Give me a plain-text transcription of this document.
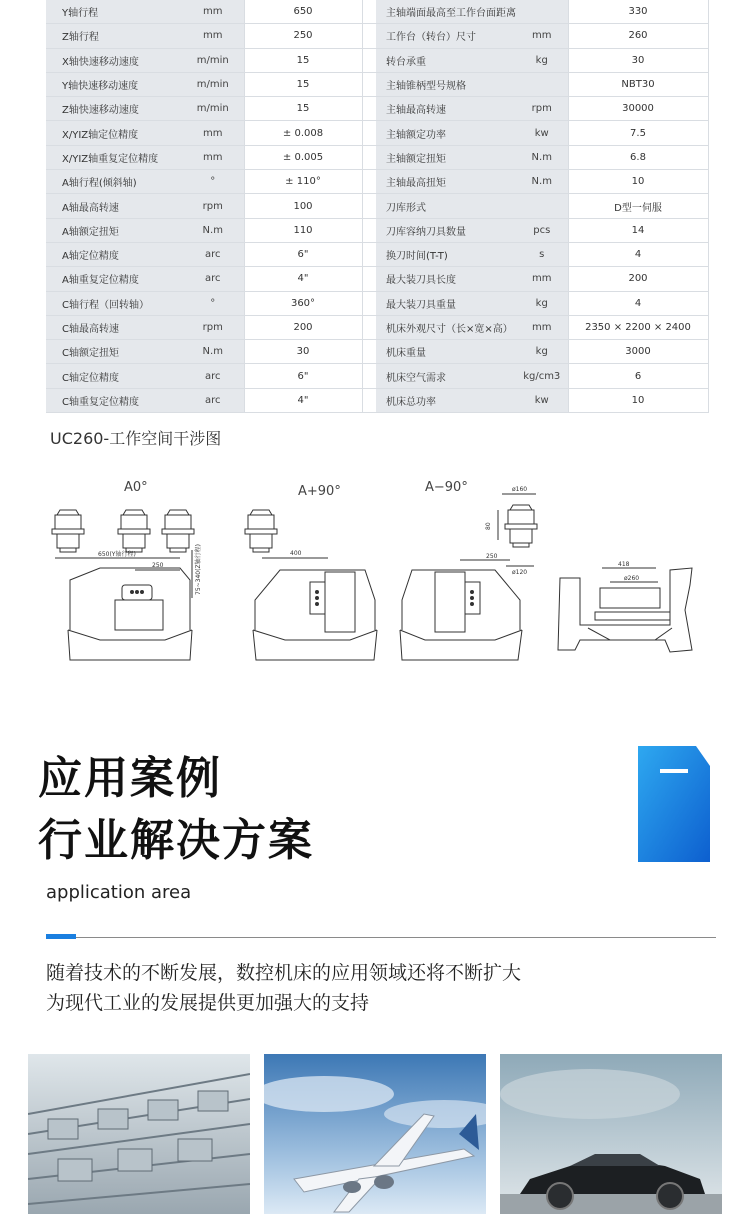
Y轴行程	mm	650		主轴端面最高至工作台面距离		330
Z轴行程	mm	250		工作台（转台）尺寸	mm	260
X轴快速移动速度	m/min	15		转台承重	kg	30
Y轴快速移动速度	m/min	15		主轴锥柄型号规格		NBT30
Z轴快速移动速度	m/min	15		主轴最高转速	rpm	30000
X/YIZ轴定位精度	mm	± 0.008		主轴额定功率	kw	7.5
X/YIZ轴重复定位精度	mm	± 0.005		主轴额定扭矩	N.m	6.8
A轴行程(倾斜轴)	°	± 110°		主轴最高扭矩	N.m	10
A轴最高转速	rpm	100		刀库形式		D型一伺服
A轴额定扭矩	N.m	110		刀库容纳刀具数量	pcs	14
A轴定位精度	arc	6"		换刀时间(T-T)	s	4
A轴重复定位精度	arc	4"		最大装刀具长度	mm	200
C轴行程（回转轴）	°	360°		最大装刀具重量	kg	4
C轴最高转速	rpm	200		机床外观尺寸（长×宽×高）	mm	2350 × 2200 × 2400
C轴额定扭矩	N.m	30		机床重量	kg	3000
C轴定位精度	arc	6"		机床空气需求	kg/cm3	6
C轴重复定位精度	arc	4"		机床总功率	kw	10
UC260-工作空间干涉图
650(Y轴行程)
250	75~340(Z轴行程)	400
ø160
80
250
ø120
418
ø260
A0°	A+90°	A−90°
应用案例
行业解决方案
application area
随着技术的不断发展，数控机床的应用领域还将不断扩大
为现代工业的发展提供更加强大的支持
